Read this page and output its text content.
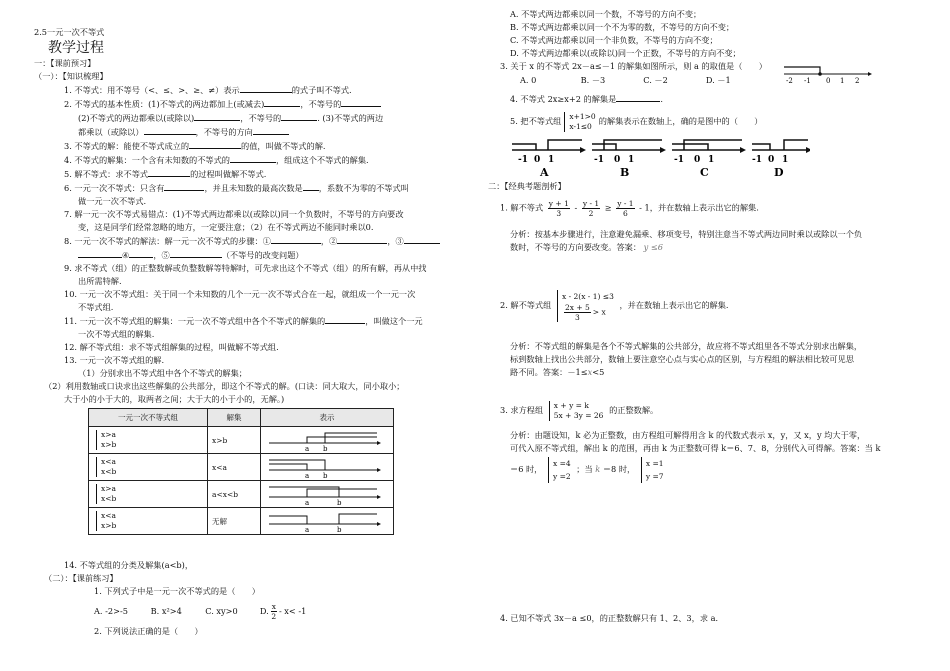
2.5一元一次不等式
教学过程
一：【课前预习】
（一）：【知识梳理】
1. 不等式：用不等号（<、≤、>、≥、≠）表示	的式子叫不等式.
2. 不等式的基本性质：(1)不等式的两边都加上(或减去)	，不等号的
(2)不等式的两边都乘以(或除以)	，不等号的	. (3)不等式的两边
都乘以（或除以）	，不等号的方向
3. 不等式的解：能使不等式成立的	的值，叫做不等式的解.
4. 不等式的解集：一个含有未知数的不等式的	，组成这个不等式的解集.
5. 解不等式：求不等式	的过程叫做解不等式.
6. 一元一次不等式：只含有	，并且未知数的最高次数是 ，系数不为零的不等式叫
做一元一次不等式.
7. 解一元一次不等式易错点：(1)不等式两边都乘以(或除以)同一个负数时，不等号的方向要改
变，这是同学们经常忽略的地方，一定要注意；（2）在不等式两边不能同时乘以0.
8. 一元一次不等式的解法：解一元一次不等式的步骤：①	，②	，③
④	，⑤	（不等号的改变问题）
9. 求不等式（组）的正整数解或负整数解等特解时，可先求出这个不等式（组）的所有解，再从中找
出所需特解.
10. 一元一次不等式组：关于同一个未知数的几个一元一次不等式合在一起，就组成一个一元一次
不等式组.
11. 一元一次不等式组的解集：一元一次不等式组中各个不等式的解集的	，叫做这个一元
一次不等式组的解集.
12. 解不等式组：求不等式组解集的过程，叫做解不等式组.
13. 一元一次不等式组的解.
（1）分别求出不等式组中各个不等式的解集；
（2）利用数轴或口诀求出这些解集的公共部分，即这个不等式的解。(口诀：同大取大，同小取小；
大于小的小于大的，取两者之间；大于大的小于小的，无解。)
一元一次不等式组	解集	表示

x>a
x>b	x>b	a b

x<a
x<b	x<a	a b

x>a
x<b	a<x<b	a b

x<a
x>b	无解	a b
14. 不等式组的分类及解集(a<b)，
（二）：【课前练习】
1. 下列式子中是一元一次不等式的是（　　）
A. -2>-5	B. x²>4	C. xy>0	D. $\frac{x}{2} - x< -1$
2. 下列说法正确的是（　　）
A. 不等式两边都乘以同一个数，不等号的方向不变；
B. 不等式两边都乘以同一个不为零的数，不等号的方向不变；
C. 不等式两边都乘以同一个非负数，不等号的方向不变；
D. 不等式两边都乘以(或除以)同一个正数，不等号的方向不变；
3. 关于 x 的不等式 2x－a≤－1 的解集如图所示，则 a 的取值是（　　）
-2 -1 0 1 2
A. 0	B. －3	C. －2	D. －1
4. 不等式 2x≥x+2 的解集是	.
5. 把不等式组 x+1>0
x-1≤0
的解集表示在数轴上，确的是图中的（　　）
-1 0 1
A
-1 0 1
B
-1 0 1
C
-1 0 1
D
二：【经典考题剖析】
1. 解不等式 $\frac{y + 1}{3} - \frac{y - 1}{2} \ge \frac{y - 1}{6} - 1$，并在数轴上表示出它的解集.
分析：按基本步骤进行，注意避免漏乘、移项变号，特别注意当不等式两边同时乘以或除以一个负
数时，不等号的方向要改变。答案： y ≤6
2. 解不等式组
x - 2(x - 1) ≤3
$\frac{2x + 5}{3} > x$
，并在数轴上表示出它的解集.
分析：不等式组的解集是各个不等式解集的公共部分，故应将不等式组里各不等式分别求出解集，
标到数轴上找出公共部分，数轴上要注意空心点与实心点的区别，与方程组的解法相比较可见思
路不同。答案：－1≤x<5
3. 求方程组 x + y = k
5x + 3y = 26
的正整数解。
分析：由题设知，k 必为正整数，由方程组可解得用含 k 的代数式表示 x，y，又 x，y 均大于零，
可代入原不等式组，解出 k 的范围，再由 k 为正整数可得 k＝6、7、8，分别代入可得解。答案：当 k
＝6 时，
x =4
y =2
；当 k ＝8 时，
x =1
y =7
4. 已知不等式 3x－a ≤0，的正整数解只有 1、2、3，求 a．
